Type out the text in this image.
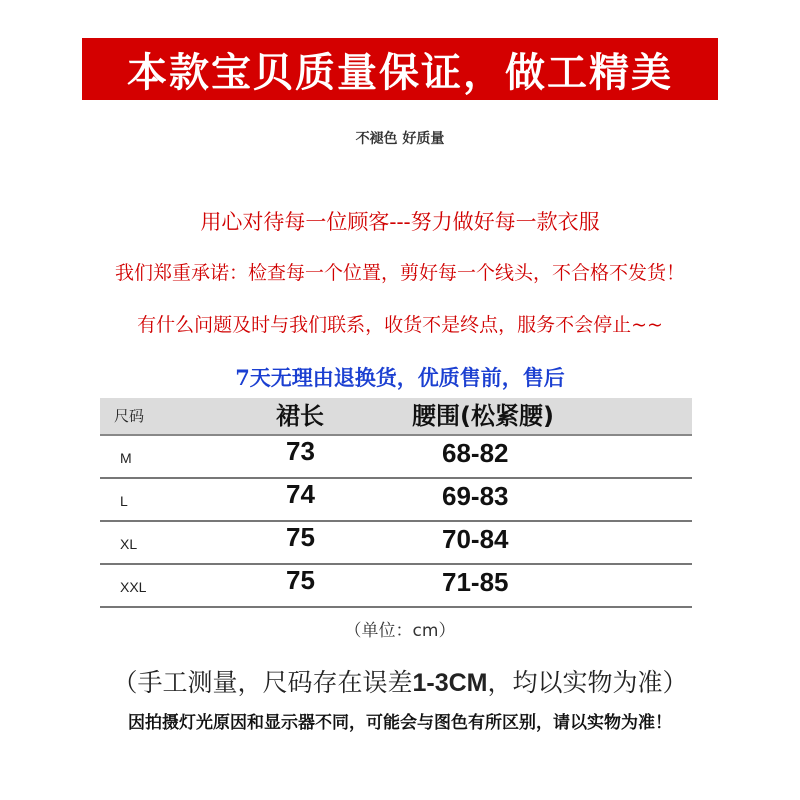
本款宝贝质量保证，做工精美
不褪色 好质量
用心对待每一位顾客---努力做好每一款衣服
我们郑重承诺：检查每一个位置，剪好每一个线头，不合格不发货！
有什么问题及时与我们联系，收货不是终点，服务不会停止~~
7天无理由退换货，优质售前，售后
尺码	裙长	腰围(松紧腰)
M	73	68-82
L	74	69-83
XL	75	70-84
XXL	75	71-85
（单位：cm）
（手工测量，尺码存在误差1-3CM，均以实物为准）
因拍摄灯光原因和显示器不同，可能会与图色有所区别，请以实物为准！
